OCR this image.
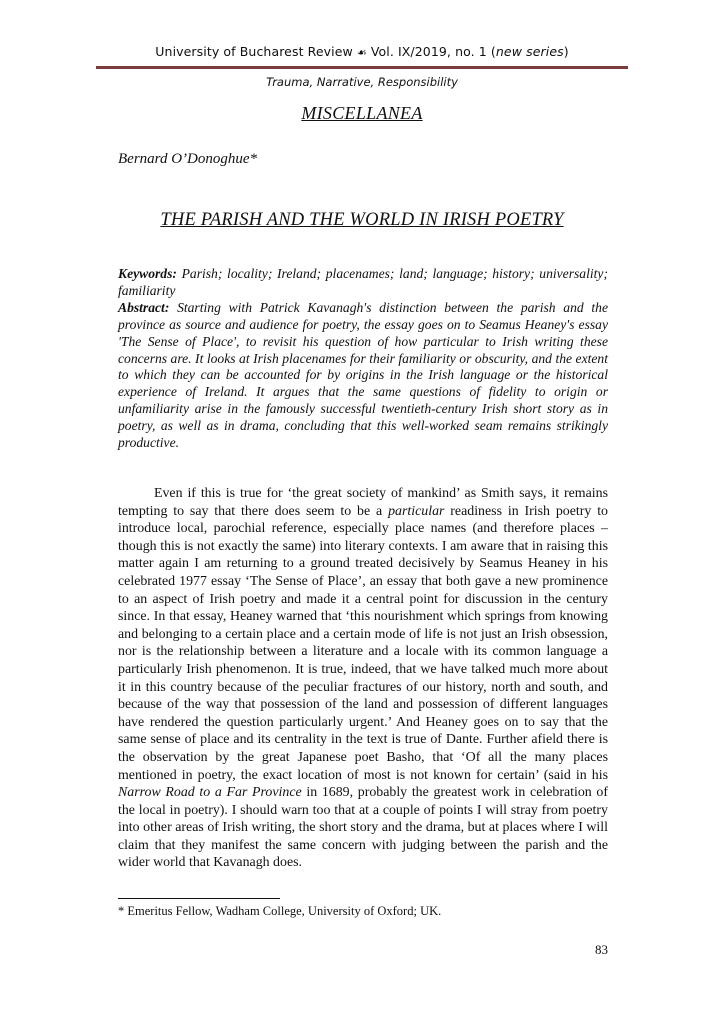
University of Bucharest Review ☙ Vol. IX/2019, no. 1 (new series)
Trauma, Narrative, Responsibility
MISCELLANEA
Bernard O’Donoghue*
THE PARISH AND THE WORLD IN IRISH POETRY

Keywords: Parish; locality; Ireland; placenames; land; language; history; universality; familiarity

Abstract: Starting with Patrick Kavanagh's distinction between the parish and the province as source and audience for poetry, the essay goes on to Seamus Heaney's essay 'The Sense of Place', to revisit his question of how particular to Irish writing these concerns are. It looks at Irish placenames for their familiarity or obscurity, and the extent to which they can be accounted for by origins in the Irish language or the historical experience of Ireland. It argues that the same questions of fidelity to origin or unfamiliarity arise in the famously successful twentieth-century Irish short story as in poetry, as well as in drama, concluding that this well-worked seam remains strikingly productive.

Even if this is true for ‘the great society of mankind’ as Smith says, it remains tempting to say that there does seem to be a particular readiness in Irish poetry to introduce local, parochial reference, especially place names (and therefore places – though this is not exactly the same) into literary contexts. I am aware that in raising this matter again I am returning to a ground treated decisively by Seamus Heaney in his celebrated 1977 essay ‘The Sense of Place’, an essay that both gave a new prominence to an aspect of Irish poetry and made it a central point for discussion in the century since. In that essay, Heaney warned that ‘this nourishment which springs from knowing and belonging to a certain place and a certain mode of life is not just an Irish obsession, nor is the relationship between a literature and a locale with its common language a particularly Irish phenomenon. It is true, indeed, that we have talked much more about it in this country because of the peculiar fractures of our history, north and south, and because of the way that possession of the land and possession of different languages have rendered the question particularly urgent.’ And Heaney goes on to say that the same sense of place and its centrality in the text is true of Dante. Further afield there is the observation by the great Japanese poet Basho, that ‘Of all the many places mentioned in poetry, the exact location of most is not known for certain’ (said in his Narrow Road to a Far Province in 1689, probably the greatest work in celebration of the local in poetry). I should warn too that at a couple of points I will stray from poetry into other areas of Irish writing, the short story and the drama, but at places where I will claim that they manifest the same concern with judging between the parish and the wider world that Kavanagh does.

* Emeritus Fellow, Wadham College, University of Oxford; UK.
83
